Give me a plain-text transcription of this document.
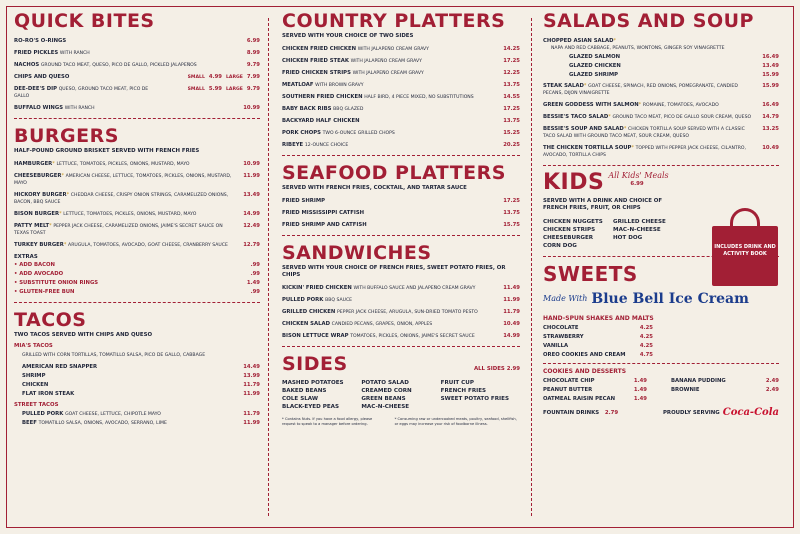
QUICK BITES
RO-RO'S O-RINGS	6.99
FRIED PICKLES WITH RANCH	8.99
NACHOS GROUND TACO MEAT, QUESO, PICO DE GALLO, PICKLED JALAPEÑOS	9.79
CHIPS AND QUESO	SMALL 4.99 LARGE 7.99
DEE-DEE'S DIP QUESO, GROUND TACO MEAT, PICO DE GALLO
SMALL 5.99 LARGE 9.79
BUFFALO WINGS WITH RANCH	10.99
BURGERS
HALF-POUND GROUND BRISKET SERVED WITH FRENCH FRIES
HAMBURGER* LETTUCE, TOMATOES, PICKLES, ONIONS, MUSTARD, MAYO	10.99
CHEESEBURGER* AMERICAN CHEESE, LETTUCE, TOMATOES, PICKLES, ONIONS, MUSTARD, MAYO
11.99
HICKORY BURGER* CHEDDAR CHEESE, CRISPY ONION STRINGS, CARAMELIZED ONIONS, BACON, BBQ SAUCE
13.49
BISON BURGER* LETTUCE, TOMATOES, PICKLES, ONIONS, MUSTARD, MAYO	14.99
PATTY MELT* PEPPER JACK CHEESE, CARAMELIZED ONIONS, JAIME'S SECRET SAUCE ON TEXAS TOAST
12.49
TURKEY BURGER* ARUGULA, TOMATOES, AVOCADO, GOAT CHEESE, CRANBERRY SAUCE	12.79
EXTRAS
• ADD BACON	.99
• ADD AVOCADO	.99
• SUBSTITUTE ONION RINGS	1.49
• GLUTEN-FREE BUN	.99
TACOS
TWO TACOS SERVED WITH CHIPS AND QUESO
MIA'S TACOS
GRILLED WITH CORN TORTILLAS, TOMATILLO SALSA, PICO DE GALLO, CABBAGE
AMERICAN RED SNAPPER	14.49
SHRIMP	13.99
CHICKEN	11.79
FLAT IRON STEAK	11.99
STREET TACOS
PULLED PORK GOAT CHEESE, LETTUCE, CHIPOTLE MAYO	11.79
BEEF TOMATILLO SALSA, ONIONS, AVOCADO, SERRANO, LIME	11.99
COUNTRY PLATTERS
SERVED WITH YOUR CHOICE OF TWO SIDES
CHICKEN FRIED CHICKEN WITH JALAPEÑO CREAM GRAVY	14.25
CHICKEN FRIED STEAK WITH JALAPEÑO CREAM GRAVY	17.25
FRIED CHICKEN STRIPS WITH JALAPEÑO CREAM GRAVY	12.25
MEATLOAF WITH BROWN GRAVY	13.75
SOUTHERN FRIED CHICKEN HALF BIRD, 4 PIECE MIXED, NO SUBSTITUTIONS	14.55
BABY BACK RIBS BBQ GLAZED	17.25
BACKYARD HALF CHICKEN	13.75
PORK CHOPS TWO 6-OUNCE GRILLED CHOPS	15.25
RIBEYE 12-OUNCE CHOICE	20.25
SEAFOOD PLATTERS
SERVED WITH FRENCH FRIES, COCKTAIL, AND TARTAR SAUCE
FRIED SHRIMP	17.25
FRIED MISSISSIPPI CATFISH	13.75
FRIED SHRIMP AND CATFISH	15.75
SANDWICHES
SERVED WITH YOUR CHOICE OF FRENCH FRIES, SWEET POTATO FRIES, OR CHIPS
KICKIN' FRIED CHICKEN WITH BUFFALO SAUCE AND JALAPEÑO CREAM GRAVY	11.49
PULLED PORK BBQ SAUCE	11.99
GRILLED CHICKEN PEPPER JACK CHEESE, ARUGULA, SUN-DRIED TOMATO PESTO	11.79
CHICKEN SALAD CANDIED PECANS, GRAPES, ONION, APPLES	10.49
BISON LETTUCE WRAP TOMATOES, PICKLES, ONIONS, JAIME'S SECRET SAUCE	14.99
SIDES	ALL SIDES 2.99
MASHED POTATOES	POTATO SALAD	FRUIT CUP
BAKED BEANS	CREAMED CORN	FRENCH FRIES
COLE SLAW	GREEN BEANS	SWEET POTATO FRIES
BLACK-EYED PEAS	MAC-N-CHEESE
* Contains Nuts. If you have a food allergy, please request to speak to a manager before ordering.
* Consuming raw or undercooked meats, poultry, seafood, shellfish, or eggs may increase your risk of foodborne illness.
SALADS AND SOUP
CHOPPED ASIAN SALAD*
NAPA AND RED CABBAGE, PEANUTS, WONTONS, GINGER SOY VINAIGRETTE
GLAZED SALMON	16.49
GLAZED CHICKEN	13.49
GLAZED SHRIMP	15.99
STEAK SALAD* GOAT CHEESE, SPINACH, RED ONIONS, POMEGRANATE, CANDIED PECANS, DIJON VINAIGRETTE
15.99
GREEN GODDESS WITH SALMON* ROMAINE, TOMATOES, AVOCADO	16.49
BESSIE'S TACO SALAD* GROUND TACO MEAT, PICO DE GALLO SOUR CREAM, QUESO	14.79
BESSIE'S SOUP AND SALAD* CHICKEN TORTILLA SOUP SERVED WITH A CLASSIC TACO SALAD WITH GROUND TACO MEAT, SOUR CREAM, QUESO
13.25
THE CHICKEN TORTILLA SOUP* TOPPED WITH PEPPER JACK CHEESE, CILANTRO, AVOCADO, TORTILLA CHIPS
10.49
KIDS All Kids' Meals
6.99
SERVED WITH A DRINK AND CHOICE OF FRENCH FRIES, FRUIT, OR CHIPS
CHICKEN NUGGETS	GRILLED CHEESE
CHICKEN STRIPS	MAC-N-CHEESE
CHEESEBURGER	HOT DOG
CORN DOG
SWEETS
Made With Blue Bell Ice Cream
HAND-SPUN SHAKES AND MALTS
CHOCOLATE	4.25
STRAWBERRY	4.25
VANILLA	4.25
OREO COOKIES AND CREAM	4.75
COOKIES AND DESSERTS
CHOCOLATE CHIP	1.49	BANANA PUDDING	2.49
PEANUT BUTTER	1.49	BROWNIE	2.49
OATMEAL RAISIN PECAN	1.49
FOUNTAIN DRINKS 2.79	PROUDLY SERVING Coca-Cola
INCLUDES DRINK AND ACTIVITY BOOK
